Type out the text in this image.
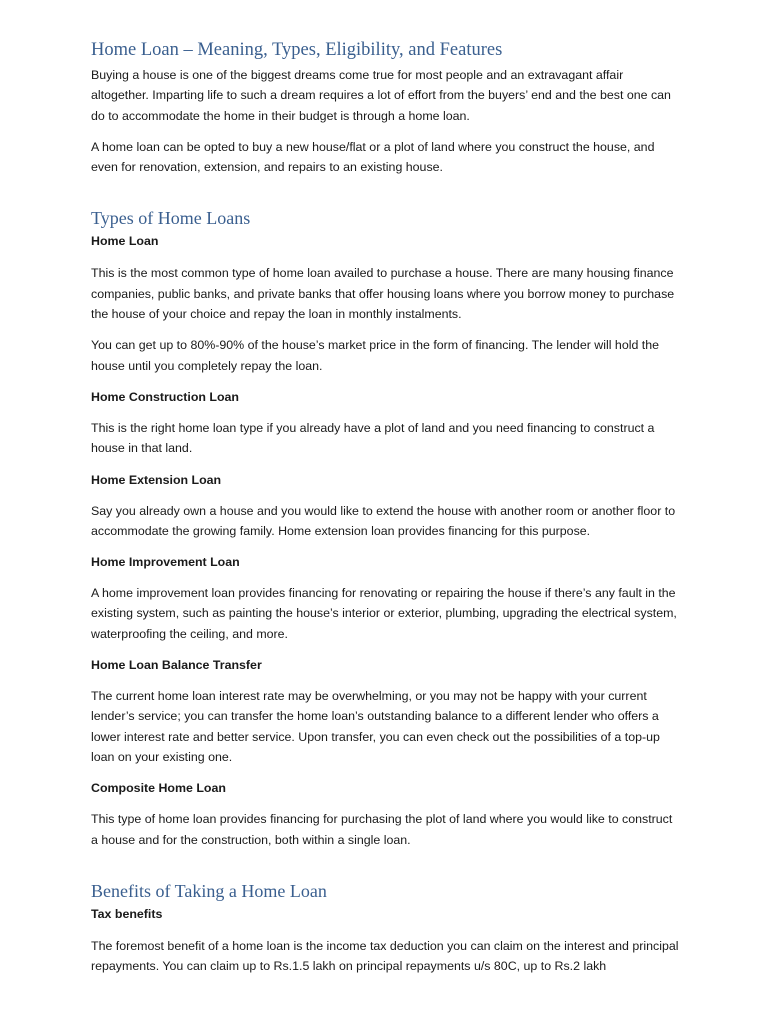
Home Loan – Meaning, Types, Eligibility, and Features

Buying a house is one of the biggest dreams come true for most people and an extravagant affair altogether. Imparting life to such a dream requires a lot of effort from the buyers’ end and the best one can do to accommodate the home in their budget is through a home loan.

A home loan can be opted to buy a new house/flat or a plot of land where you construct the house, and even for renovation, extension, and repairs to an existing house.

Types of Home Loans
Home Loan

This is the most common type of home loan availed to purchase a house. There are many housing finance companies, public banks, and private banks that offer housing loans where you borrow money to purchase the house of your choice and repay the loan in monthly instalments.

You can get up to 80%-90% of the house’s market price in the form of financing. The lender will hold the house until you completely repay the loan.

Home Construction Loan

This is the right home loan type if you already have a plot of land and you need financing to construct a house in that land.

Home Extension Loan

Say you already own a house and you would like to extend the house with another room or another floor to accommodate the growing family. Home extension loan provides financing for this purpose.

Home Improvement Loan

A home improvement loan provides financing for renovating or repairing the house if there’s any fault in the existing system, such as painting the house’s interior or exterior, plumbing, upgrading the electrical system, waterproofing the ceiling, and more.

Home Loan Balance Transfer

The current home loan interest rate may be overwhelming, or you may not be happy with your current lender’s service; you can transfer the home loan’s outstanding balance to a different lender who offers a lower interest rate and better service. Upon transfer, you can even check out the possibilities of a top-up loan on your existing one.

Composite Home Loan

This type of home loan provides financing for purchasing the plot of land where you would like to construct a house and for the construction, both within a single loan.

Benefits of Taking a Home Loan
Tax benefits

The foremost benefit of a home loan is the income tax deduction you can claim on the interest and principal repayments. You can claim up to Rs.1.5 lakh on principal repayments u/s 80C, up to Rs.2 lakh
